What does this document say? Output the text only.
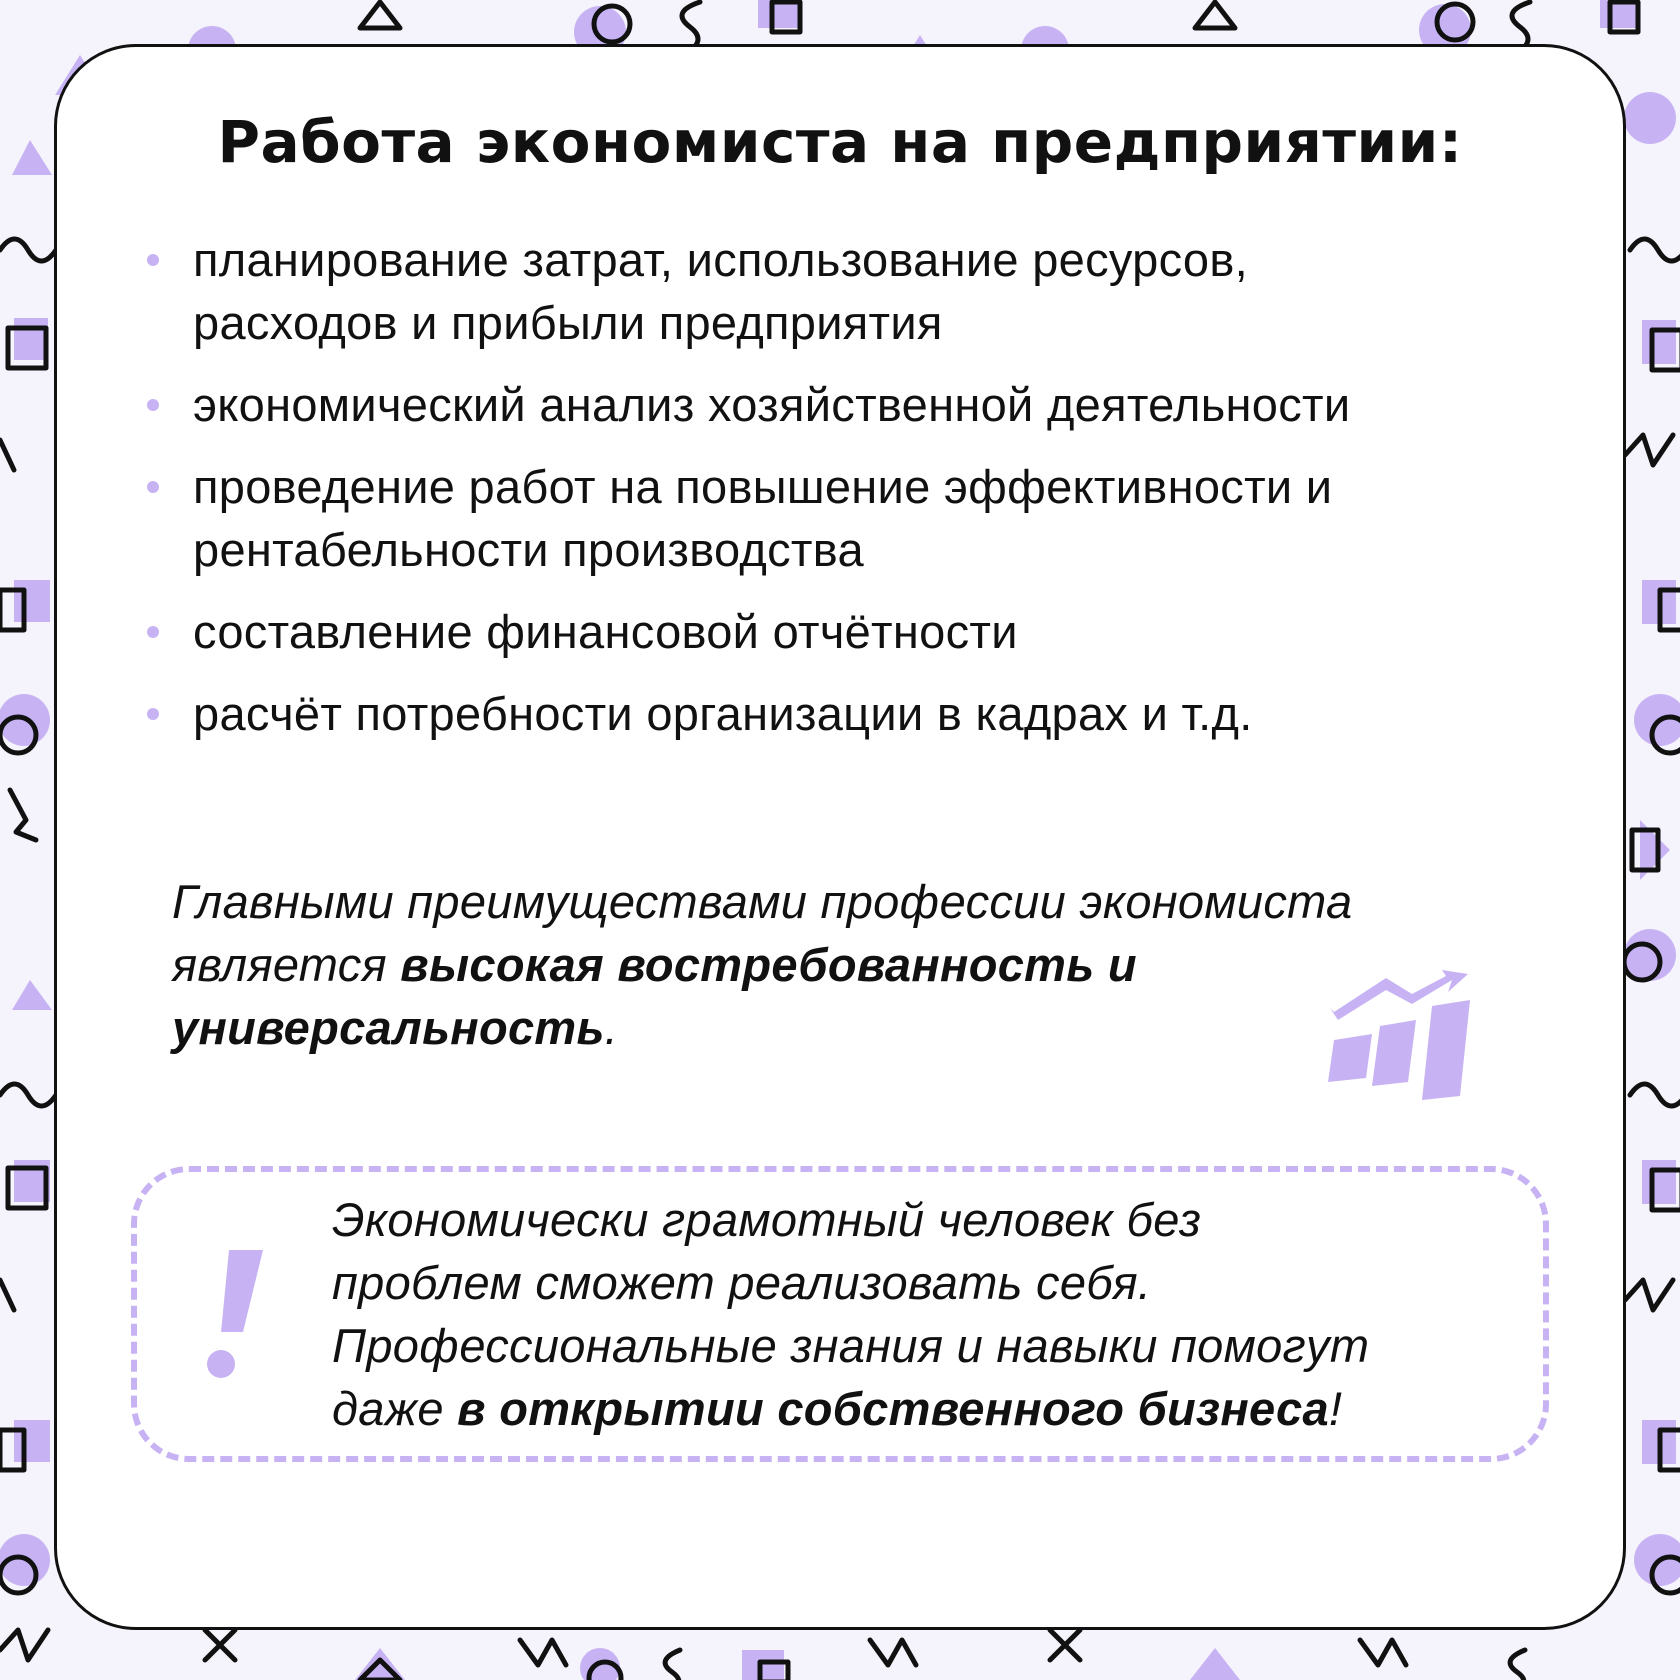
Работа экономиста на предприятии:
планирование затрат, использование ресурсов,
расходов и прибыли предприятия
экономический анализ хозяйственной деятельности
проведение работ на повышение эффективности и
рентабельности производства
составление финансовой отчётности
расчёт потребности организации в кадрах и т.д.

Главными преимуществами профессии экономиста
является высокая востребованность и
универсальность.

Экономически грамотный человек без
проблем сможет реализовать себя.
Профессиональные знания и навыки помогут
даже в открытии собственного бизнеса!
